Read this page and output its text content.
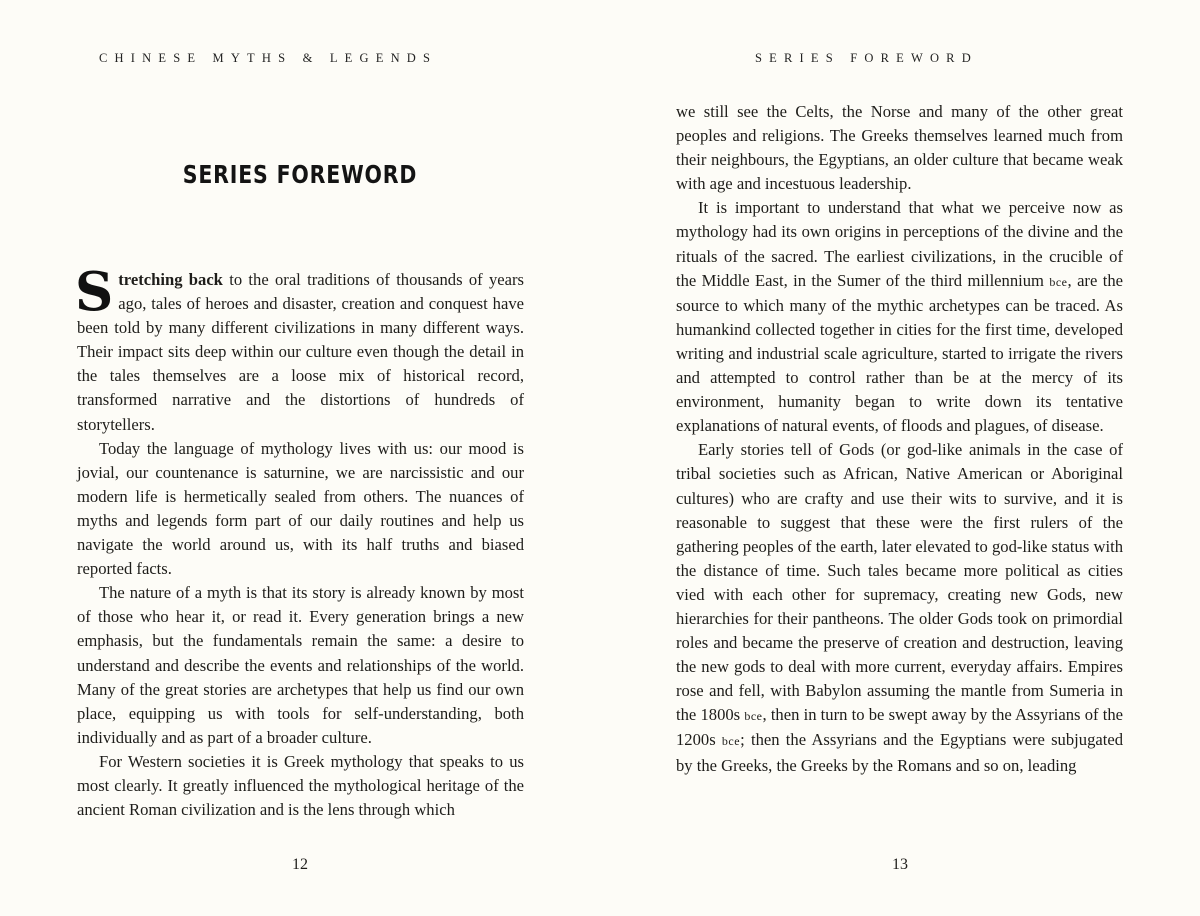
CHINESE MYTHS & LEGENDS
SERIES FOREWORD

Stretching back to the oral traditions of thousands of years ago, tales of heroes and disaster, creation and conquest have been told by many different civilizations in many different ways. Their impact sits deep within our culture even though the detail in the tales themselves are a loose mix of historical record, transformed narrative and the distortions of hundreds of storytellers.

Today the language of mythology lives with us: our mood is jovial, our countenance is saturnine, we are narcissistic and our modern life is hermetically sealed from others. The nuances of myths and legends form part of our daily routines and help us navigate the world around us, with its half truths and biased reported facts.

The nature of a myth is that its story is already known by most of those who hear it, or read it. Every generation brings a new emphasis, but the fundamentals remain the same: a desire to understand and describe the events and relationships of the world. Many of the great stories are archetypes that help us find our own place, equipping us with tools for self-understanding, both individually and as part of a broader culture.

For Western societies it is Greek mythology that speaks to us most clearly. It greatly influenced the mythological heritage of the ancient Roman civilization and is the lens through which

12
SERIES FOREWORD

we still see the Celts, the Norse and many of the other great peoples and religions. The Greeks themselves learned much from their neighbours, the Egyptians, an older culture that became weak with age and incestuous leadership.

It is important to understand that what we perceive now as mythology had its own origins in perceptions of the divine and the rituals of the sacred. The earliest civilizations, in the crucible of the Middle East, in the Sumer of the third millennium bce, are the source to which many of the mythic archetypes can be traced. As humankind collected together in cities for the first time, developed writing and industrial scale agriculture, started to irrigate the rivers and attempted to control rather than be at the mercy of its environment, humanity began to write down its tentative explanations of natural events, of floods and plagues, of disease.

Early stories tell of Gods (or god-like animals in the case of tribal societies such as African, Native American or Aboriginal cultures) who are crafty and use their wits to survive, and it is reasonable to suggest that these were the first rulers of the gathering peoples of the earth, later elevated to god-like status with the distance of time. Such tales became more political as cities vied with each other for supremacy, creating new Gods, new hierarchies for their pantheons. The older Gods took on primordial roles and became the preserve of creation and destruction, leaving the new gods to deal with more current, everyday affairs. Empires rose and fell, with Babylon assuming the mantle from Sumeria in the 1800s bce, then in turn to be swept away by the Assyrians of the 1200s bce; then the Assyrians and the Egyptians were subjugated by the Greeks, the Greeks by the Romans and so on, leading

13
